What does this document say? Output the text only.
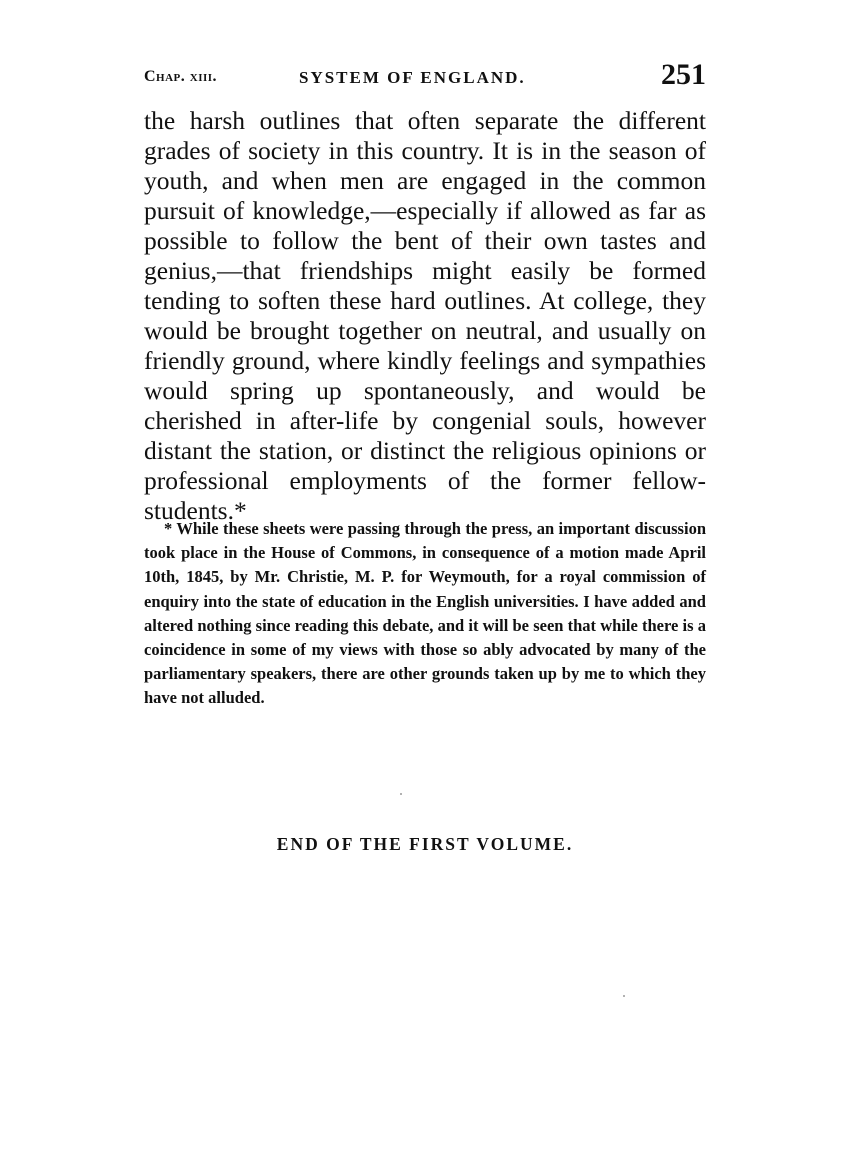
Chap. xiii.	SYSTEM OF ENGLAND.	251

the harsh outlines that often separate the different grades of society in this country. It is in the season of youth, and when men are engaged in the common pursuit of knowledge,—especially if allowed as far as possible to follow the bent of their own tastes and genius,—that friendships might easily be formed tending to soften these hard outlines. At college, they would be brought together on neutral, and usually on friendly ground, where kindly feelings and sympathies would spring up spontaneously, and would be cherished in after-life by congenial souls, however distant the station, or distinct the religious opinions or professional employments of the former fellow-students.*

* While these sheets were passing through the press, an important discussion took place in the House of Commons, in consequence of a motion made April 10th, 1845, by Mr. Christie, M. P. for Weymouth, for a royal commission of enquiry into the state of education in the English universities. I have added and altered nothing since reading this debate, and it will be seen that while there is a coincidence in some of my views with those so ably advocated by many of the parliamentary speakers, there are other grounds taken up by me to which they have not alluded.

END OF THE FIRST VOLUME.
